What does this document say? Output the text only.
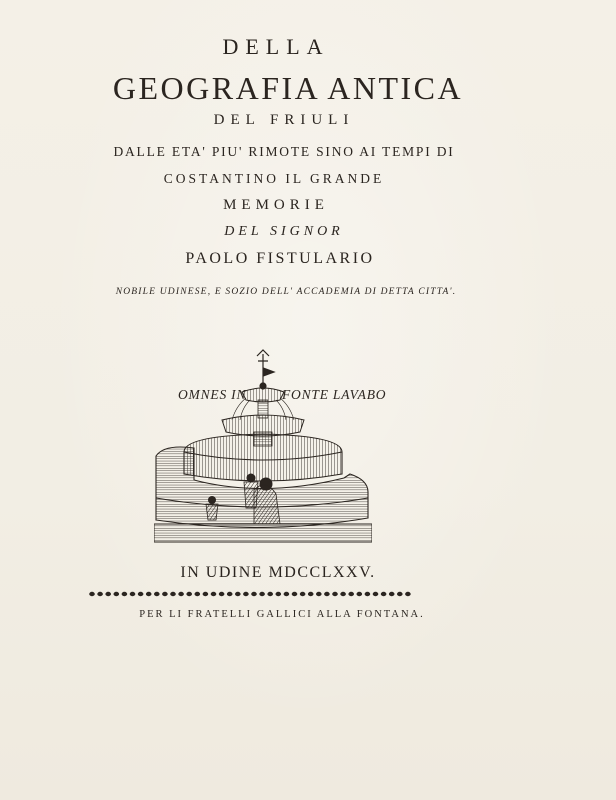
DELLA
GEOGRAFIA ANTICA
DEL FRIULI
DALLE ETA' PIU' RIMOTE SINO AI TEMPI DI
COSTANTINO IL GRANDE
MEMORIE
DEL SIGNOR
PAOLO FISTULARIO
NOBILE UDINESE, E SOZIO DELL' ACCADEMIA DI DETTA CITTA'.
OMNES IN	FONTE LAVABO
IN UDINE MDCCLXXV.
PER LI FRATELLI GALLICI ALLA FONTANA.
